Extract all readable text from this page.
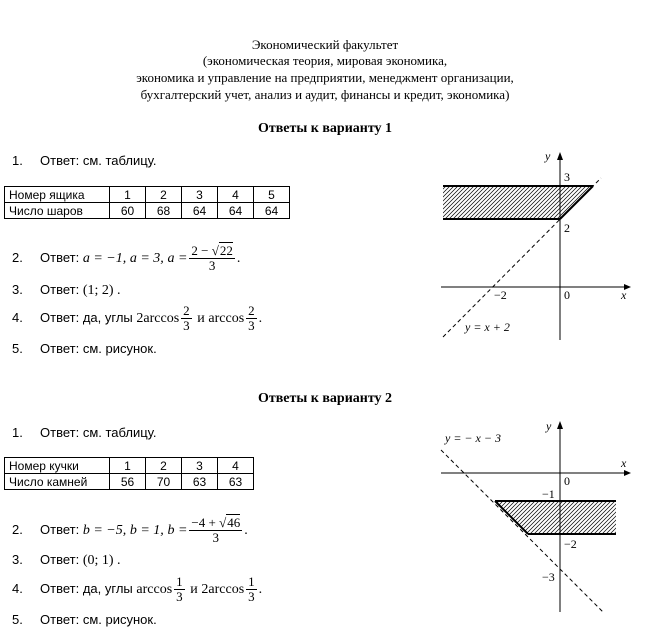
Экономический факультет
(экономическая теория, мировая экономика,
экономика и управление на предприятии, менеджмент организации,
бухгалтерский учет, анализ и аудит, финансы и кредит, экономика)
Ответы к варианту 1
1. Ответ: см. таблицу.
Номер ящика	1	2	3	4	5
Число шаров	60	68	64	64	64
2. Ответ: a = −1, a = 3, $a = \frac{2 - √22}{3}$ .
3. Ответ: (1; 2) .
4. Ответ: да, углы $2\arccos \frac{2}{3}$ и $\arccos \frac{2}{3}$ .
5. Ответ: см. рисунок.
y
x
0
3
2
−2
y = x + 2
Ответы к варианту 2
1. Ответ: см. таблицу.
Номер кучки	1	2	3	4
Число камней	56	70	63	63
2. Ответ: b = −5, b = 1, $b = \frac{-4 + √46}{3}$ .
3. Ответ: (0; 1) .
4. Ответ: да, углы $\arccos \frac{1}{3}$ и $2\arccos \frac{1}{3}$ .
5. Ответ: см. рисунок.
y
x
0
−1
−2
−3
y = − x − 3
